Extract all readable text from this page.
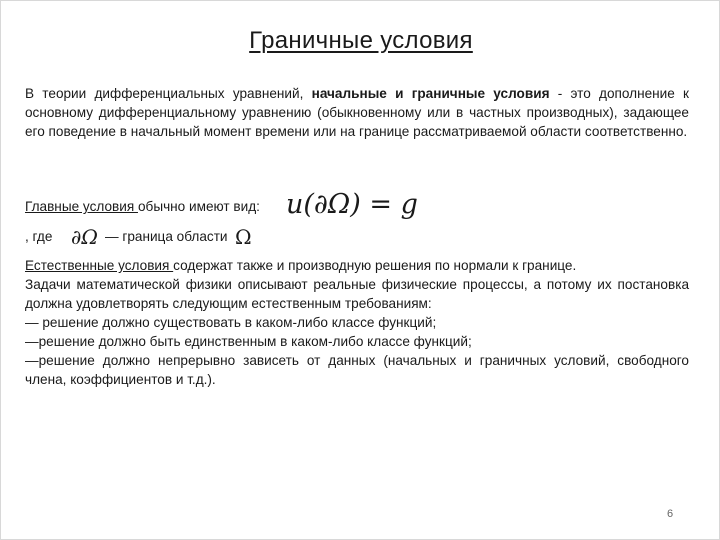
Граничные условия
В теории дифференциальных уравнений, начальные и граничные условия - это дополнение к основному дифференциальному уравнению (обыкновенному или в частных производных), задающее его поведение в начальный момент времени или на границе рассматриваемой области соответственно.
Главные условия обычно имеют вид: u(∂Ω) = g
, где ∂Ω — граница области Ω
Естественные условия содержат также и производную решения по нормали к границе.
Задачи математической физики описывают реальные физические процессы, а потому их постановка должна удовлетворять следующим естественным требованиям:
— решение должно существовать в каком-либо классе функций;
—решение должно быть единственным в каком-либо классе функций;
—решение должно непрерывно зависеть от данных (начальных и граничных условий, свободного члена, коэффициентов и т.д.).
6
